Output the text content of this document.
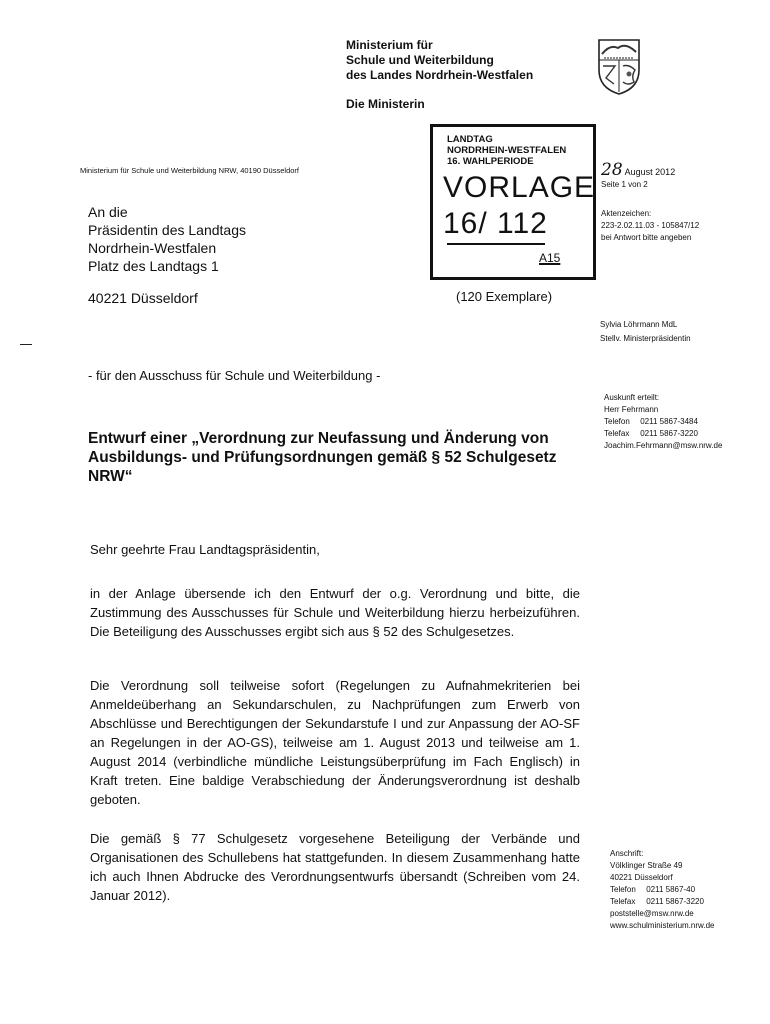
Ministerium für
Schule und Weiterbildung
des Landes Nordrhein-Westfalen
Die Ministerin
Ministerium für Schule und Weiterbildung NRW, 40190 Düsseldorf
An die
Präsidentin des Landtags
Nordrhein-Westfalen
Platz des Landtags 1
40221 Düsseldorf
LANDTAG
NORDRHEIN-WESTFALEN
16. WAHLPERIODE
VORLAGE
16/ 112
A15
(120 Exemplare)
28 August 2012
Seite 1 von 2
Aktenzeichen:
223-2.02.11.03 - 105847/12
bei Antwort bitte angeben
Sylvia Löhrmann MdL
Stellv. Ministerpräsidentin
Auskunft erteilt:
Herr Fehrmann
Telefon 0211 5867-3484
Telefax 0211 5867-3220
Joachim.Fehrmann@msw.nrw.de
- für den Ausschuss für Schule und Weiterbildung -
Entwurf einer „Verordnung zur Neufassung und Änderung von Ausbildungs- und Prüfungsordnungen gemäß § 52 Schulgesetz NRW“
Sehr geehrte Frau Landtagspräsidentin,
in der Anlage übersende ich den Entwurf der o.g. Verordnung und bitte, die Zustimmung des Ausschusses für Schule und Weiterbildung hierzu herbeizuführen. Die Beteiligung des Ausschusses ergibt sich aus § 52 des Schulgesetzes.
Die Verordnung soll teilweise sofort (Regelungen zu Aufnahmekriterien bei Anmeldeüberhang an Sekundarschulen, zu Nachprüfungen zum Erwerb von Abschlüsse und Berechtigungen der Sekundarstufe I und zur Anpassung der AO-SF an Regelungen in der AO-GS), teilweise am 1. August 2013 und teilweise am 1. August 2014 (verbindliche mündliche Leistungsüberprüfung im Fach Englisch) in Kraft treten. Eine baldige Verabschiedung der Änderungsverordnung ist deshalb geboten.
Die gemäß § 77 Schulgesetz vorgesehene Beteiligung der Verbände und Organisationen des Schullebens hat stattgefunden. In diesem Zusammenhang hatte ich auch Ihnen Abdrucke des Verordnungsentwurfs übersandt (Schreiben vom 24. Januar 2012).
Anschrift:
Völklinger Straße 49
40221 Düsseldorf
Telefon 0211 5867-40
Telefax 0211 5867-3220
poststelle@msw.nrw.de
www.schulministerium.nrw.de
